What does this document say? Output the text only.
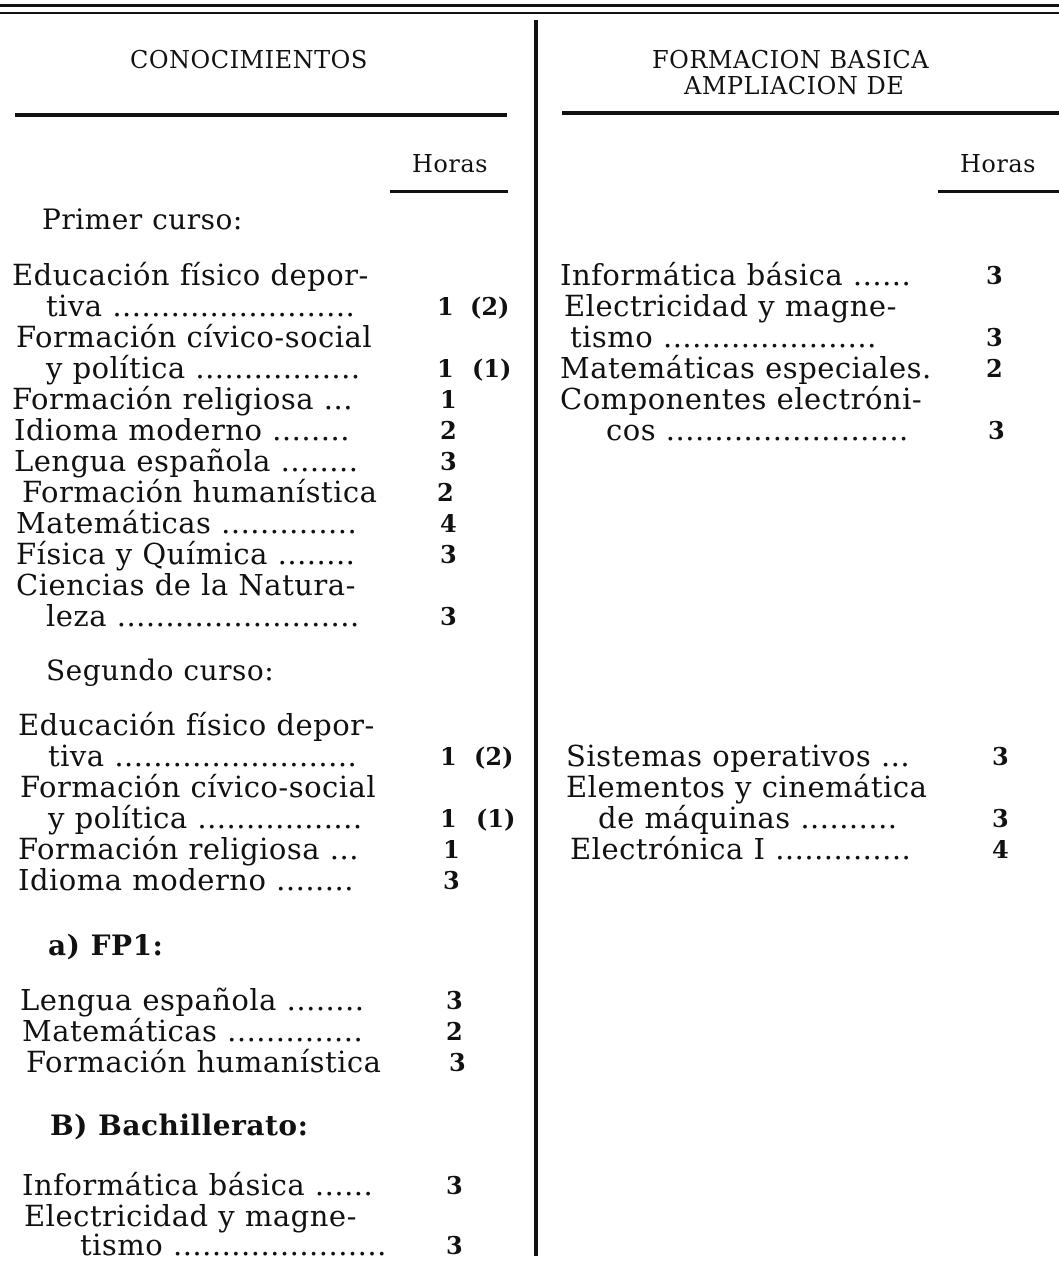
CONOCIMIENTOS
Horas
Primer curso:
Educación físico depor-
tiva .........................	1 (2)
Formación cívico-social
y política .................	1 (1)
Formación religiosa ...	1
Idioma moderno ........	2
Lengua española ........	3
Formación humanística 2
Matemáticas ..............	4
Física y Química ........	3
Ciencias de la Natura-
leza .........................	3
Segundo curso:
Educación físico depor-
tiva .........................	1 (2)
Formación cívico-social
y política .................	1 (1)
Formación religiosa ...	1
Idioma moderno ........	3
a) FP1:
Lengua española ........	3
Matemáticas ..............	2
Formación humanística	3
B) Bachillerato:
Informática básica ......	3
Electricidad y magne-
tismo ...................... 3
FORMACION BASICA
AMPLIACION DE
Horas
Informática básica ......	3
Electricidad y magne-
tismo ......................	3
Matemáticas especiales. 2
Componentes electróni-
cos .........................	3
Sistemas operativos ...	3
Elementos y cinemática
de máquinas ..........	3
Electrónica I ..............	4
